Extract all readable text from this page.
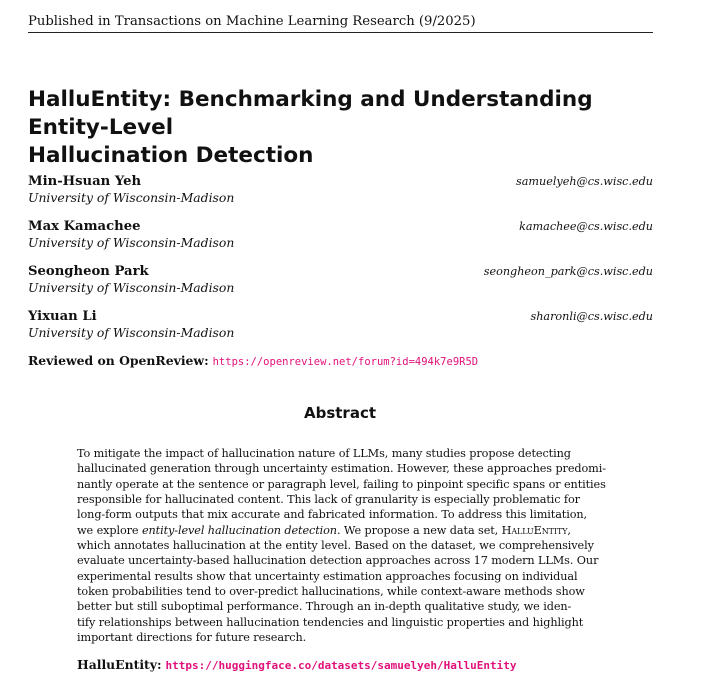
Published in Transactions on Machine Learning Research (9/2025)
HalluEntity: Benchmarking and Understanding Entity-Level
Hallucination Detection
Min-Hsuan Yeh
University of Wisconsin-Madison
samuelyeh@cs.wisc.edu
Max Kamachee
University of Wisconsin-Madison
kamachee@cs.wisc.edu
Seongheon Park
University of Wisconsin-Madison
seongheon_park@cs.wisc.edu
Yixuan Li
University of Wisconsin-Madison
sharonli@cs.wisc.edu
Reviewed on OpenReview: https://openreview.net/forum?id=494k7e9R5D
Abstract
To mitigate the impact of hallucination nature of LLMs, many studies propose detecting
hallucinated generation through uncertainty estimation. However, these approaches predomi-
nantly operate at the sentence or paragraph level, failing to pinpoint specific spans or entities
responsible for hallucinated content. This lack of granularity is especially problematic for
long-form outputs that mix accurate and fabricated information. To address this limitation,
we explore entity-level hallucination detection. We propose a new data set, HalluEntity,
which annotates hallucination at the entity level. Based on the dataset, we comprehensively
evaluate uncertainty-based hallucination detection approaches across 17 modern LLMs. Our
experimental results show that uncertainty estimation approaches focusing on individual
token probabilities tend to over-predict hallucinations, while context-aware methods show
better but still suboptimal performance. Through an in-depth qualitative study, we iden-
tify relationships between hallucination tendencies and linguistic properties and highlight
important directions for future research.
HalluEntity: https://huggingface.co/datasets/samuelyeh/HalluEntity
